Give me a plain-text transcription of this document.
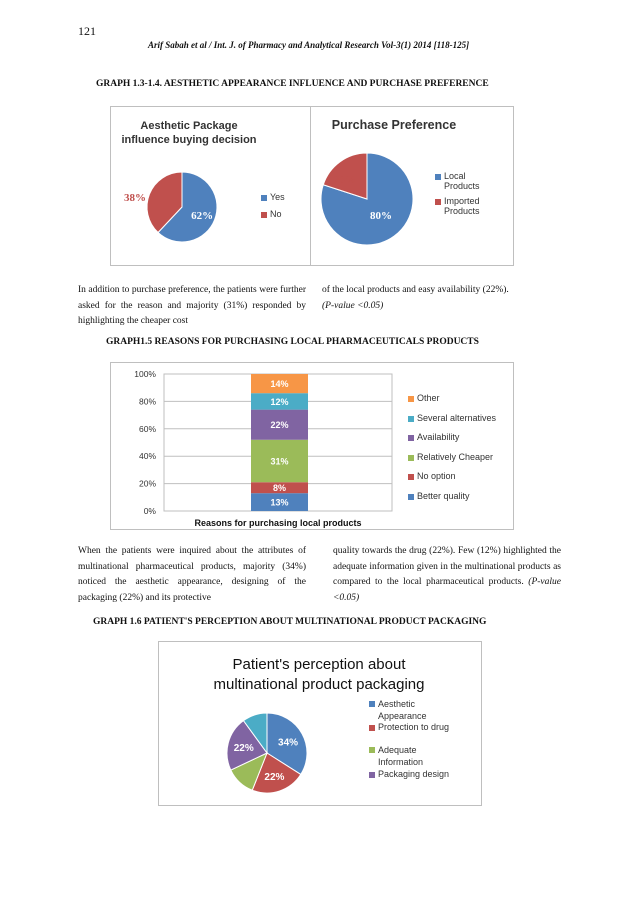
121
Arif Sabah et al / Int. J. of Pharmacy and Analytical Research Vol-3(1) 2014 [118-125]
GRAPH 1.3-1.4. AESTHETIC APPEARANCE INFLUENCE AND PURCHASE PREFERENCE
Aesthetic Package
influence buying decision
62%
38%	Yes
No
Purchase Preference
80%
20%	Local
Products
Imported
Products
In addition to purchase preference, the patients were further asked for the reason and majority (31%) responded by highlighting the cheaper cost
of the local products and easy availability (22%).
(P-value <0.05)
GRAPH1.5 REASONS FOR PURCHASING LOCAL PHARMACEUTICALS PRODUCTS
0%
20%
40%
60%
80%
100%
13%
8%
31%
22%
12%
14%
Reasons for purchasing local products
Other
Several alternatives
Availability
Relatively Cheaper
No option
Better quality
When the patients were inquired about the attributes of multinational pharmaceutical products, majority (34%) noticed the aesthetic appearance, designing of the packaging (22%) and its protective
quality towards the drug (22%). Few (12%) highlighted the adequate information given in the multinational products as compared to the local pharmaceutical products. (P-value <0.05)
GRAPH 1.6 PATIENT'S PERCEPTION ABOUT MULTINATIONAL PRODUCT PACKAGING
Patient's perception about
multinational product packaging
34%
22%
22%
Aesthetic
Appearance
Protection to drug
Adequate
Information
Packaging design
